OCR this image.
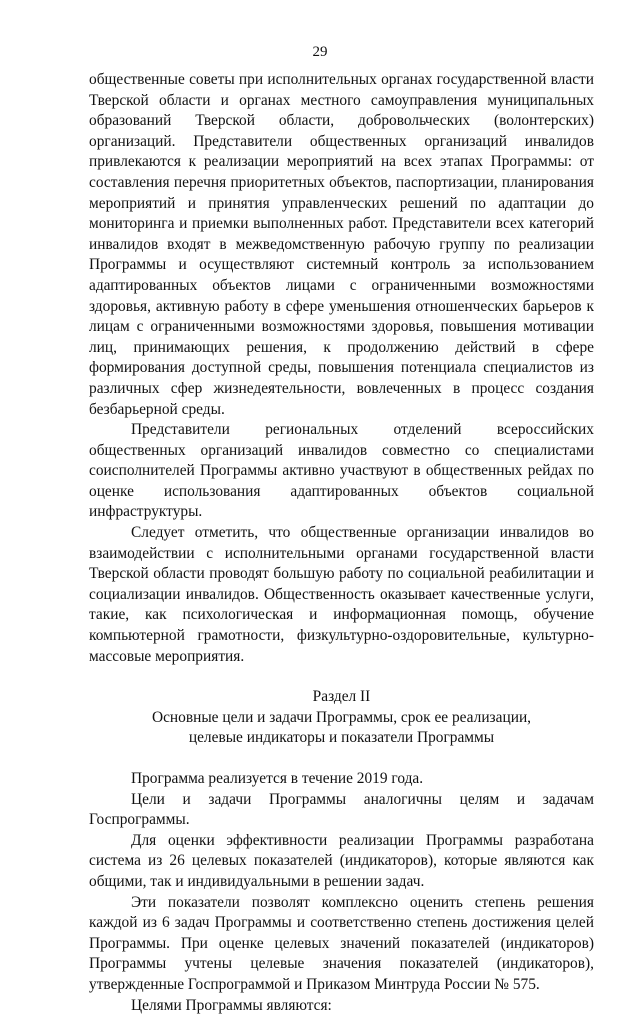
29

общественные советы при исполнительных органах государственной власти Тверской области и органах местного самоуправления муниципальных образований Тверской области, добровольческих (волонтерских) организаций. Представители общественных организаций инвалидов привлекаются к реализации мероприятий на всех этапах Программы: от составления перечня приоритетных объектов, паспортизации, планирования мероприятий и принятия управленческих решений по адаптации до мониторинга и приемки выполненных работ. Представители всех категорий инвалидов входят в межведомственную рабочую группу по реализации Программы и осуществляют системный контроль за использованием адаптированных объектов лицами с ограниченными возможностями здоровья, активную работу в сфере уменьшения отношенческих барьеров к лицам с ограниченными возможностями здоровья, повышения мотивации лиц, принимающих решения, к продолжению действий в сфере формирования доступной среды, повышения потенциала специалистов из различных сфер жизнедеятельности, вовлеченных в процесс создания безбарьерной среды.

Представители региональных отделений всероссийских общественных организаций инвалидов совместно со специалистами соисполнителей Программы активно участвуют в общественных рейдах по оценке использования адаптированных объектов социальной инфраструктуры.

Следует отметить, что общественные организации инвалидов во взаимодействии с исполнительными органами государственной власти Тверской области проводят большую работу по социальной реабилитации и социализации инвалидов. Общественность оказывает качественные услуги, такие, как психологическая и информационная помощь, обучение компьютерной грамотности, физкультурно-оздоровительные, культурно-массовые мероприятия.

Раздел II

Основные цели и задачи Программы, срок ее реализации,

целевые индикаторы и показатели Программы

Программа реализуется в течение 2019 года.

Цели и задачи Программы аналогичны целям и задачам Госпрограммы.

Для оценки эффективности реализации Программы разработана система из 26 целевых показателей (индикаторов), которые являются как общими, так и индивидуальными в решении задач.

Эти показатели позволят комплексно оценить степень решения каждой из 6 задач Программы и соответственно степень достижения целей Программы. При оценке целевых значений показателей (индикаторов) Программы учтены целевые значения показателей (индикаторов), утвержденные Госпрограммой и Приказом Минтруда России № 575.

Целями Программы являются:
